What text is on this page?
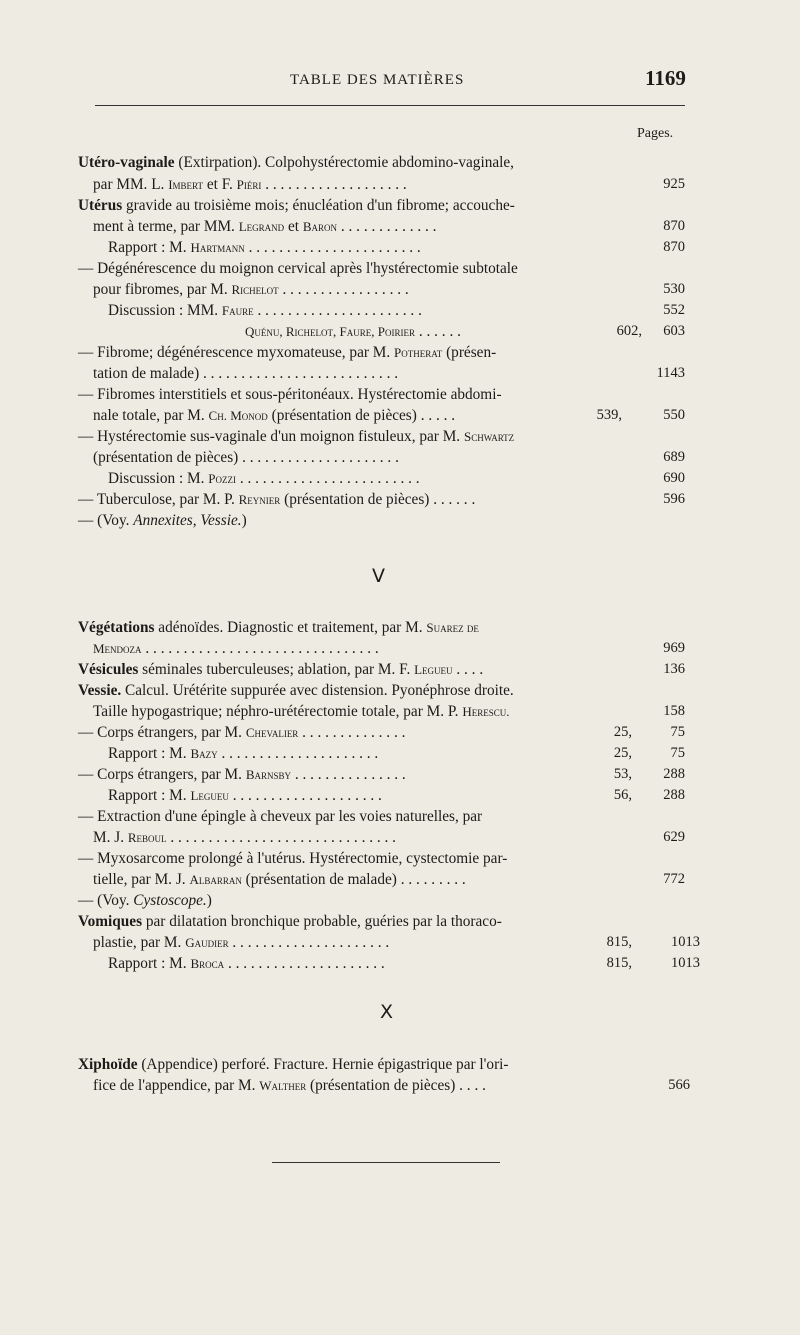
TABLE DES MATIÈRES	1169
Pages.
Utéro-vaginale (Extirpation). Colpohystérectomie abdomino-vaginale,
par MM. L. Imbert et F. Piéri . . . . . . . . . . . . . . . . . . .	925
Utérus gravide au troisième mois; énucléation d'un fibrome; accouche-
ment à terme, par MM. Legrand et Baron . . . . . . . . . . . . .	870
Rapport : M. Hartmann . . . . . . . . . . . . . . . . . . . . . . .	870
— Dégénérescence du moignon cervical après l'hystérectomie subtotale
pour fibromes, par M. Richelot . . . . . . . . . . . . . . . . .	530
Discussion : MM. Faure . . . . . . . . . . . . . . . . . . . . . .	552
Quénu, Richelot, Faure, Poirier . . . . . .	602, 603
— Fibrome; dégénérescence myxomateuse, par M. Potherat (présen-
tation de malade) . . . . . . . . . . . . . . . . . . . . . . . . . .	1143
— Fibromes interstitiels et sous-péritonéaux. Hystérectomie abdomi-
nale totale, par M. Ch. Monod (présentation de pièces) . . . . .	539,	550
— Hystérectomie sus-vaginale d'un moignon fistuleux, par M. Schwartz
(présentation de pièces) . . . . . . . . . . . . . . . . . . . . .	689
Discussion : M. Pozzi . . . . . . . . . . . . . . . . . . . . . . . .	690
— Tuberculose, par M. P. Reynier (présentation de pièces) . . . . . .	596
— (Voy. Annexites, Vessie.)
V
Végétations adénoïdes. Diagnostic et traitement, par M. Suarez de
Mendoza . . . . . . . . . . . . . . . . . . . . . . . . . . . . . . .	969
Vésicules séminales tuberculeuses; ablation, par M. F. Legueu . . . .	136
Vessie. Calcul. Urétérite suppurée avec distension. Pyonéphrose droite.
Taille hypogastrique; néphro-urétérectomie totale, par M. P. Herescu.	158
— Corps étrangers, par M. Chevalier . . . . . . . . . . . . . .	25,	75
Rapport : M. Bazy . . . . . . . . . . . . . . . . . . . . .	25,	75
— Corps étrangers, par M. Barnsby . . . . . . . . . . . . . . .	53, 288
Rapport : M. Legueu . . . . . . . . . . . . . . . . . . . .	56, 288
— Extraction d'une épingle à cheveux par les voies naturelles, par
M. J. Reboul . . . . . . . . . . . . . . . . . . . . . . . . . . . . . .	629
— Myxosarcome prolongé à l'utérus. Hystérectomie, cystectomie par-
tielle, par M. J. Albarran (présentation de malade) . . . . . . . . .	772
— (Voy. Cystoscope.)
Vomiques par dilatation bronchique probable, guéries par la thoraco-
plastie, par M. Gaudier . . . . . . . . . . . . . . . . . . . . .	815,	1013
Rapport : M. Broca . . . . . . . . . . . . . . . . . . . . .	815,	1013
X
Xiphoïde (Appendice) perforé. Fracture. Hernie épigastrique par l'ori-
fice de l'appendice, par M. Walther (présentation de pièces) . . . .	566
